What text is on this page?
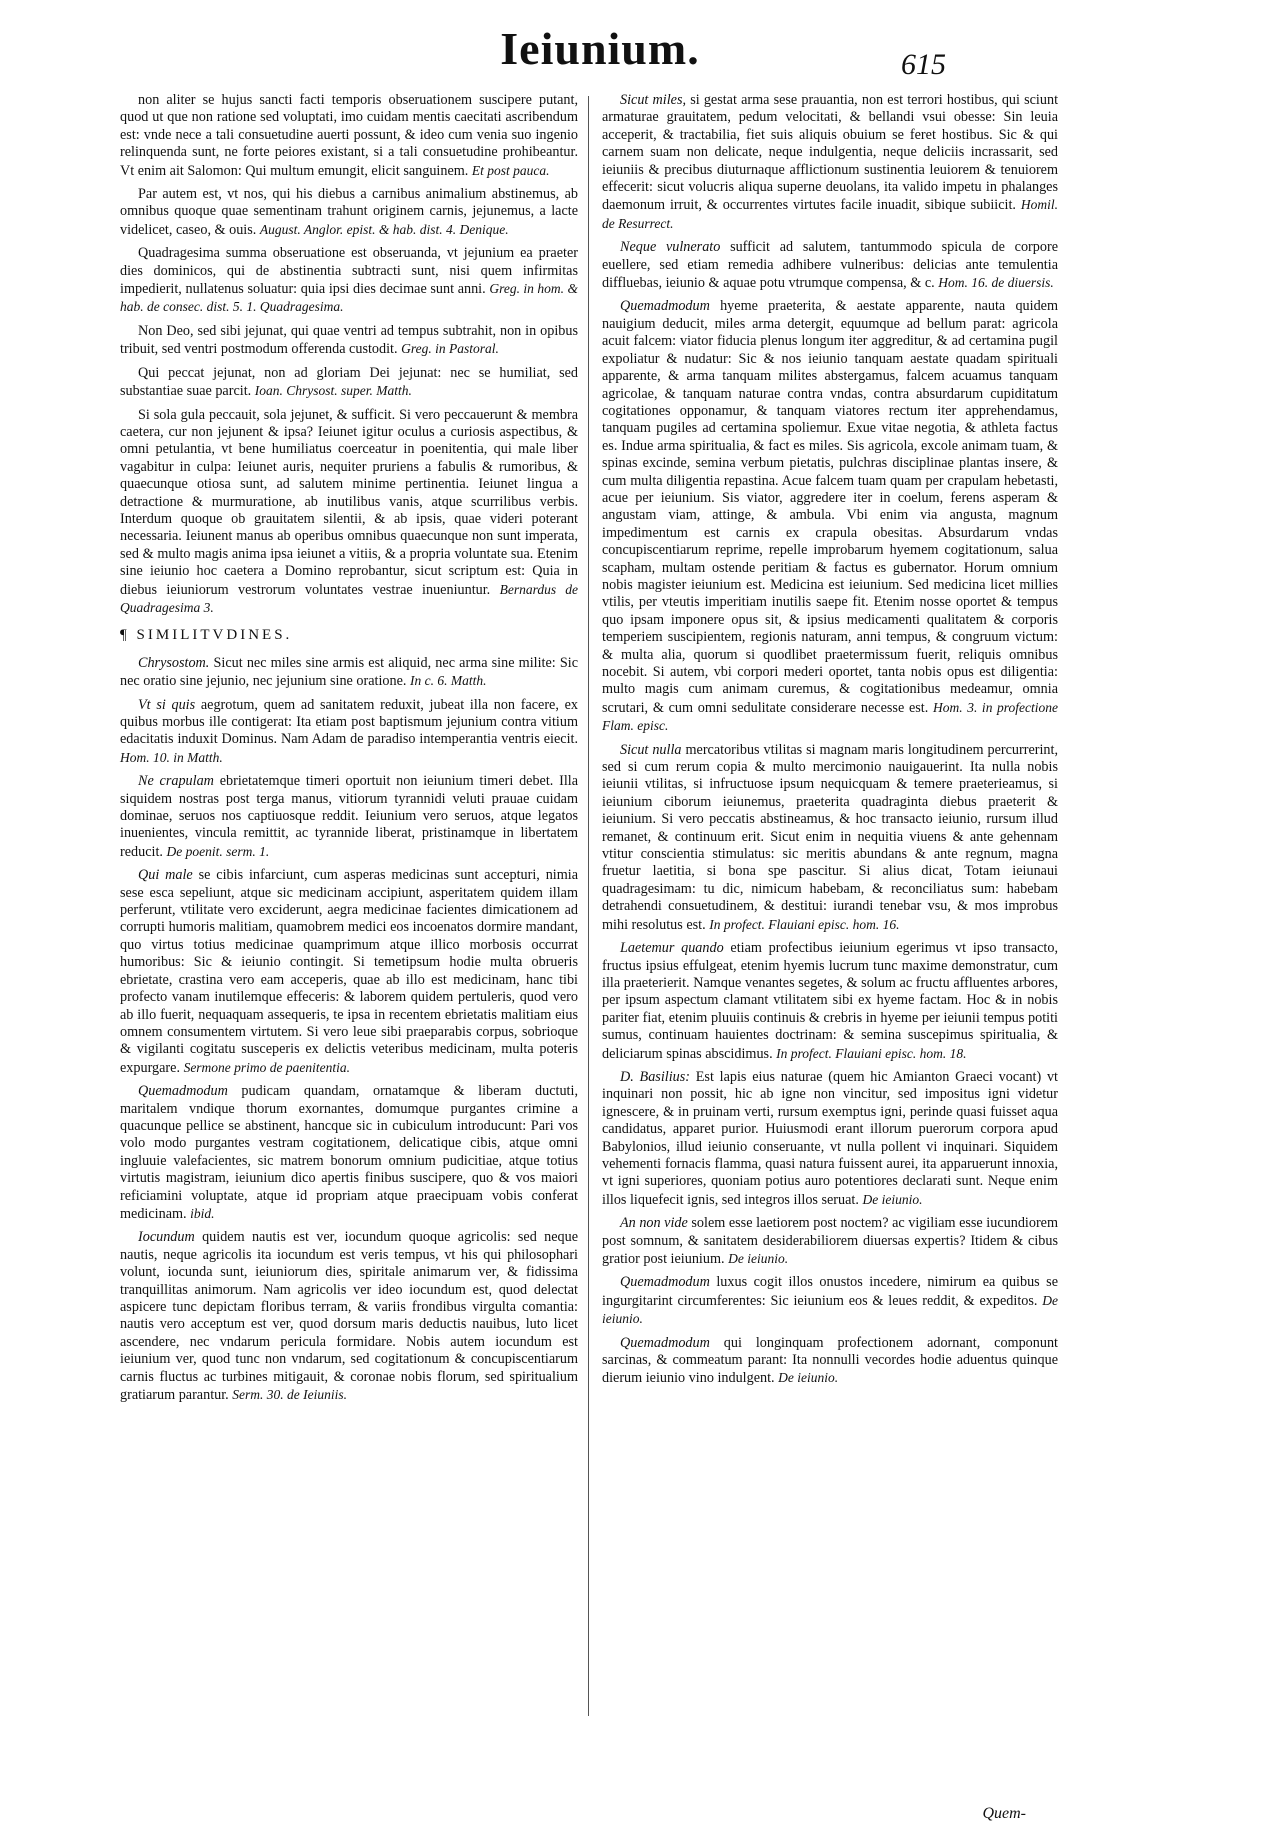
Ieiunium.	615

non aliter se hujus sancti facti temporis obseruationem suscipere putant, quod ut que non ratione sed voluptati, imo cuidam mentis caecitati ascribendum est: vnde nece a tali consuetudine auerti possunt, & ideo cum venia suo ingenio relinquenda sunt, ne forte peiores existant, si a tali consuetudine prohibeantur. Vt enim ait Salomon: Qui multum emungit, elicit sanguinem. Et post pauca.

Par autem est, vt nos, qui his diebus a carnibus animalium abstinemus, ab omnibus quoque quae sementinam trahunt originem carnis, jejunemus, a lacte videlicet, caseo, & ouis. August. Anglor. epist. & hab. dist. 4. Denique.

Quadragesima summa obseruatione est obseruanda, vt jejunium ea praeter dies dominicos, qui de abstinentia subtracti sunt, nisi quem infirmitas impedierit, nullatenus soluatur: quia ipsi dies decimae sunt anni. Greg. in hom. & hab. de consec. dist. 5. 1. Quadragesima.

Non Deo, sed sibi jejunat, qui quae ventri ad tempus subtrahit, non in opibus tribuit, sed ventri postmodum offerenda custodit. Greg. in Pastoral.

Qui peccat jejunat, non ad gloriam Dei jejunat: nec se humiliat, sed substantiae suae parcit. Ioan. Chrysost. super. Matth.

Si sola gula peccauit, sola jejunet, & sufficit. Si vero peccauerunt & membra caetera, cur non jejunent & ipsa? Ieiunet igitur oculus a curiosis aspectibus, & omni petulantia, vt bene humiliatus coerceatur in poenitentia, qui male liber vagabitur in culpa: Ieiunet auris, nequiter pruriens a fabulis & rumoribus, & quaecunque otiosa sunt, ad salutem minime pertinentia. Ieiunet lingua a detractione & murmuratione, ab inutilibus vanis, atque scurrilibus verbis. Interdum quoque ob grauitatem silentii, & ab ipsis, quae videri poterant necessaria. Ieiunent manus ab operibus omnibus quaecunque non sunt imperata, sed & multo magis anima ipsa ieiunet a vitiis, & a propria voluntate sua. Etenim sine ieiunio hoc caetera a Domino reprobantur, sicut scriptum est: Quia in diebus ieiuniorum vestrorum voluntates vestrae inueniuntur. Bernardus de Quadragesima 3.

¶ SIMILITVDINES.

Chrysostom. Sicut nec miles sine armis est aliquid, nec arma sine milite: Sic nec oratio sine jejunio, nec jejunium sine oratione. In c. 6. Matth.

Vt si quis aegrotum, quem ad sanitatem reduxit, jubeat illa non facere, ex quibus morbus ille contigerat: Ita etiam post baptismum jejunium contra vitium edacitatis induxit Dominus. Nam Adam de paradiso intemperantia ventris eiecit. Hom. 10. in Matth.

Ne crapulam ebrietatemque timeri oportuit non ieiunium timeri debet. Illa siquidem nostras post terga manus, vitiorum tyrannidi veluti prauae cuidam dominae, seruos nos captiuosque reddit. Ieiunium vero seruos, atque legatos inuenientes, vincula remittit, ac tyrannide liberat, pristinamque in libertatem reducit. De poenit. serm. 1.

Qui male se cibis infarciunt, cum asperas medicinas sunt accepturi, nimia sese esca sepeliunt, atque sic medicinam accipiunt, asperitatem quidem illam perferunt, vtilitate vero exciderunt, aegra medicinae facientes dimicationem ad corrupti humoris malitiam, quamobrem medici eos incoenatos dormire mandant, quo virtus totius medicinae quamprimum atque illico morbosis occurrat humoribus: Sic & ieiunio contingit. Si temetipsum hodie multa obrueris ebrietate, crastina vero eam acceperis, quae ab illo est medicinam, hanc tibi profecto vanam inutilemque effeceris: & laborem quidem pertuleris, quod vero ab illo fuerit, nequaquam assequeris, te ipsa in recentem ebrietatis malitiam eius omnem consumentem virtutem. Si vero leue sibi praeparabis corpus, sobrioque & vigilanti cogitatu susceperis ex delictis veteribus medicinam, multa poteris expurgare. Sermone primo de paenitentia.

Quemadmodum pudicam quandam, ornatamque & liberam ductuti, maritalem vndique thorum exornantes, domumque purgantes crimine a quacunque pellice se abstinent, hancque sic in cubiculum introducunt: Pari vos volo modo purgantes vestram cogitationem, delicatique cibis, atque omni ingluuie valefacientes, sic matrem bonorum omnium pudicitiae, atque totius virtutis magistram, ieiunium dico apertis finibus suscipere, quo & vos maiori reficiamini voluptate, atque id propriam atque praecipuam vobis conferat medicinam. ibid.

Iocundum quidem nautis est ver, iocundum quoque agricolis: sed neque nautis, neque agricolis ita iocundum est veris tempus, vt his qui philosophari volunt, iocunda sunt, ieiuniorum dies, spiritale animarum ver, & fidissima tranquillitas animorum. Nam agricolis ver ideo iocundum est, quod delectat aspicere tunc depictam floribus terram, & variis frondibus virgulta comantia: nautis vero acceptum est ver, quod dorsum maris deductis nauibus, luto licet ascendere, nec vndarum pericula formidare. Nobis autem iocundum est ieiunium ver, quod tunc non vndarum, sed cogitationum & concupiscentiarum carnis fluctus ac turbines mitigauit, & coronae nobis florum, sed spiritualium gratiarum parantur. Serm. 30. de Ieiuniis.

Sicut miles, si gestat arma sese prauantia, non est terrori hostibus, qui sciunt armaturae grauitatem, pedum velocitati, & bellandi vsui obesse: Sin leuia acceperit, & tractabilia, fiet suis aliquis obuium se feret hostibus. Sic & qui carnem suam non delicate, neque indulgentia, neque deliciis incrassarit, sed ieiuniis & precibus diuturnaque afflictionum sustinentia leuiorem & tenuiorem effecerit: sicut volucris aliqua superne deuolans, ita valido impetu in phalanges daemonum irruit, & occurrentes virtutes facile inuadit, sibique subiicit. Homil. de Resurrect.

Neque vulnerato sufficit ad salutem, tantummodo spicula de corpore euellere, sed etiam remedia adhibere vulneribus: delicias ante temulentia diffluebas, ieiunio & aquae potu vtrumque compensa, & c. Hom. 16. de diuersis.

Quemadmodum hyeme praeterita, & aestate apparente, nauta quidem nauigium deducit, miles arma detergit, equumque ad bellum parat: agricola acuit falcem: viator fiducia plenus longum iter aggreditur, & ad certamina pugil expoliatur & nudatur: Sic & nos ieiunio tanquam aestate quadam spirituali apparente, & arma tanquam milites abstergamus, falcem acuamus tanquam agricolae, & tanquam naturae contra vndas, contra absurdarum cupiditatum cogitationes opponamur, & tanquam viatores rectum iter apprehendamus, tanquam pugiles ad certamina spoliemur. Exue vitae negotia, & athleta factus es. Indue arma spiritualia, & fact es miles. Sis agricola, excole animam tuam, & spinas excinde, semina verbum pietatis, pulchras disciplinae plantas insere, & cum multa diligentia repastina. Acue falcem tuam quam per crapulam hebetasti, acue per ieiunium. Sis viator, aggredere iter in coelum, ferens asperam & angustam viam, attinge, & ambula. Vbi enim via angusta, magnum impedimentum est carnis ex crapula obesitas. Absurdarum vndas concupiscentiarum reprime, repelle improbarum hyemem cogitationum, salua scapham, multam ostende peritiam & factus es gubernator. Horum omnium nobis magister ieiunium est. Medicina est ieiunium. Sed medicina licet millies vtilis, per vteutis imperitiam inutilis saepe fit. Etenim nosse oportet & tempus quo ipsam imponere opus sit, & ipsius medicamenti qualitatem & corporis temperiem suscipientem, regionis naturam, anni tempus, & congruum victum: & multa alia, quorum si quodlibet praetermissum fuerit, reliquis omnibus nocebit. Si autem, vbi corpori mederi oportet, tanta nobis opus est diligentia: multo magis cum animam curemus, & cogitationibus medeamur, omnia scrutari, & cum omni sedulitate considerare necesse est. Hom. 3. in profectione Flam. episc.

Sicut nulla mercatoribus vtilitas si magnam maris longitudinem percurrerint, sed si cum rerum copia & multo mercimonio nauigauerint. Ita nulla nobis ieiunii vtilitas, si infructuose ipsum nequicquam & temere praeterieamus, si ieiunium ciborum ieiunemus, praeterita quadraginta diebus praeterit & ieiunium. Si vero peccatis abstineamus, & hoc transacto ieiunio, rursum illud remanet, & continuum erit. Sicut enim in nequitia viuens & ante gehennam vtitur conscientia stimulatus: sic meritis abundans & ante regnum, magna fruetur laetitia, si bona spe pascitur. Si alius dicat, Totam ieiunaui quadragesimam: tu dic, nimicum habebam, & reconciliatus sum: habebam detrahendi consuetudinem, & destitui: iurandi tenebar vsu, & mos improbus mihi resolutus est. In profect. Flauiani episc. hom. 16.

Laetemur quando etiam profectibus ieiunium egerimus vt ipso transacto, fructus ipsius effulgeat, etenim hyemis lucrum tunc maxime demonstratur, cum illa praeterierit. Namque venantes segetes, & solum ac fructu affluentes arbores, per ipsum aspectum clamant vtilitatem sibi ex hyeme factam. Hoc & in nobis pariter fiat, etenim pluuiis continuis & crebris in hyeme per ieiunii tempus potiti sumus, continuam hauientes doctrinam: & semina suscepimus spiritualia, & deliciarum spinas abscidimus. In profect. Flauiani episc. hom. 18.

D. Basilius: Est lapis eius naturae (quem hic Amianton Graeci vocant) vt inquinari non possit, hic ab igne non vincitur, sed impositus igni videtur ignescere, & in pruinam verti, rursum exemptus igni, perinde quasi fuisset aqua candidatus, apparet purior. Huiusmodi erant illorum puerorum corpora apud Babylonios, illud ieiunio conseruante, vt nulla pollent vi inquinari. Siquidem vehementi fornacis flamma, quasi natura fuissent aurei, ita apparuerunt innoxia, vt igni superiores, quoniam potius auro potentiores declarati sunt. Neque enim illos liquefecit ignis, sed integros illos seruat. De ieiunio.

An non vide solem esse laetiorem post noctem? ac vigiliam esse iucundiorem post somnum, & sanitatem desiderabiliorem diuersas expertis? Itidem & cibus gratior post ieiunium. De ieiunio.

Quemadmodum luxus cogit illos onustos incedere, nimirum ea quibus se ingurgitarint circumferentes: Sic ieiunium eos & leues reddit, & expeditos. De ieiunio.

Quemadmodum qui longinquam profectionem adornant, componunt sarcinas, & commeatum parant: Ita nonnulli vecordes hodie aduentus quinque dierum ieiunio vino indulgent. De ieiunio.

Quem-
